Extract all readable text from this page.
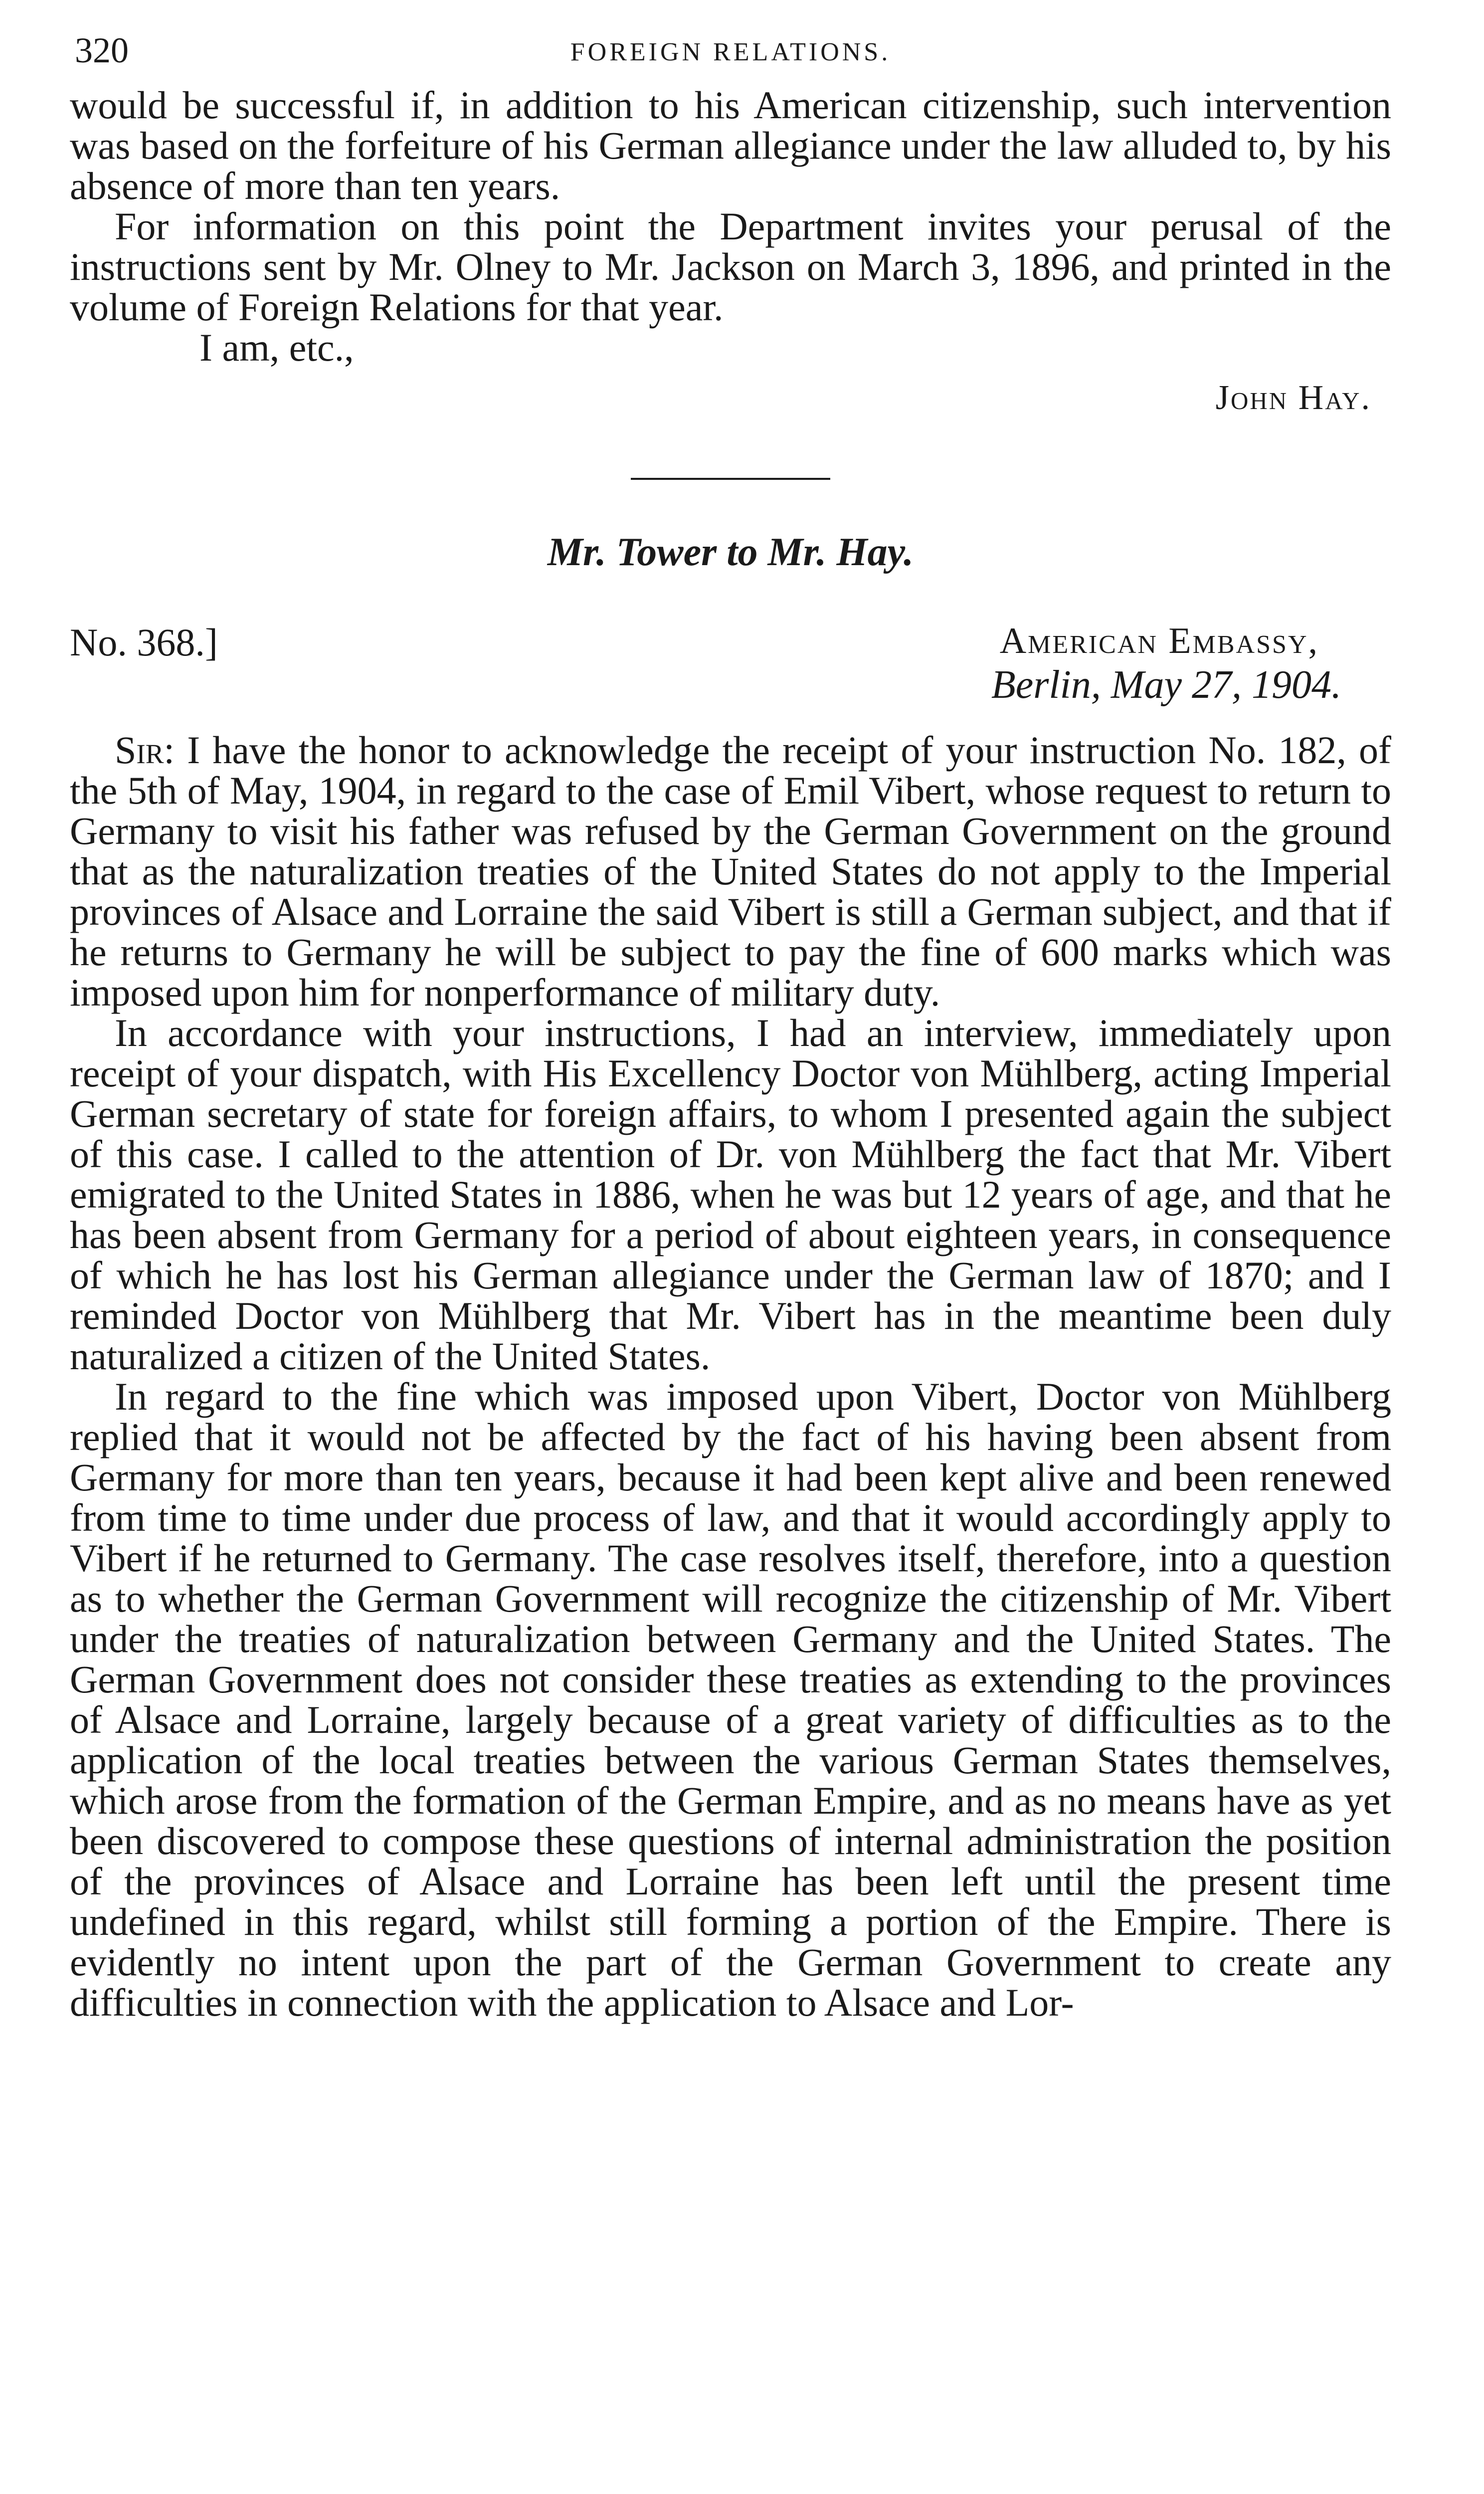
320	FOREIGN RELATIONS.

would be successful if, in addition to his American citizenship, such intervention was based on the forfeiture of his German allegiance under the law alluded to, by his absence of more than ten years.

For information on this point the Department invites your perusal of the instructions sent by Mr. Olney to Mr. Jackson on March 3, 1896, and printed in the volume of Foreign Relations for that year.

I am, etc.,

John Hay.

Mr. Tower to Mr. Hay.
No. 368.]	American Embassy,
Berlin, May 27, 1904.

Sir: I have the honor to acknowledge the receipt of your instruction No. 182, of the 5th of May, 1904, in regard to the case of Emil Vibert, whose request to return to Germany to visit his father was refused by the German Government on the ground that as the naturalization treaties of the United States do not apply to the Imperial provinces of Alsace and Lorraine the said Vibert is still a German subject, and that if he returns to Germany he will be subject to pay the fine of 600 marks which was imposed upon him for nonperformance of military duty.

In accordance with your instructions, I had an interview, immediately upon receipt of your dispatch, with His Excellency Doctor von Mühlberg, acting Imperial German secretary of state for foreign affairs, to whom I presented again the subject of this case. I called to the attention of Dr. von Mühlberg the fact that Mr. Vibert emigrated to the United States in 1886, when he was but 12 years of age, and that he has been absent from Germany for a period of about eighteen years, in consequence of which he has lost his German allegiance under the German law of 1870; and I reminded Doctor von Mühlberg that Mr. Vibert has in the meantime been duly naturalized a citizen of the United States.

In regard to the fine which was imposed upon Vibert, Doctor von Mühlberg replied that it would not be affected by the fact of his having been absent from Germany for more than ten years, because it had been kept alive and been renewed from time to time under due process of law, and that it would accordingly apply to Vibert if he returned to Germany. The case resolves itself, therefore, into a question as to whether the German Government will recognize the citizenship of Mr. Vibert under the treaties of naturalization between Germany and the United States. The German Government does not consider these treaties as extending to the provinces of Alsace and Lorraine, largely because of a great variety of difficulties as to the application of the local treaties between the various German States themselves, which arose from the formation of the German Empire, and as no means have as yet been discovered to compose these questions of internal administration the position of the provinces of Alsace and Lorraine has been left until the present time undefined in this regard, whilst still forming a portion of the Empire. There is evidently no intent upon the part of the German Government to create any difficulties in connection with the application to Alsace and Lor-
